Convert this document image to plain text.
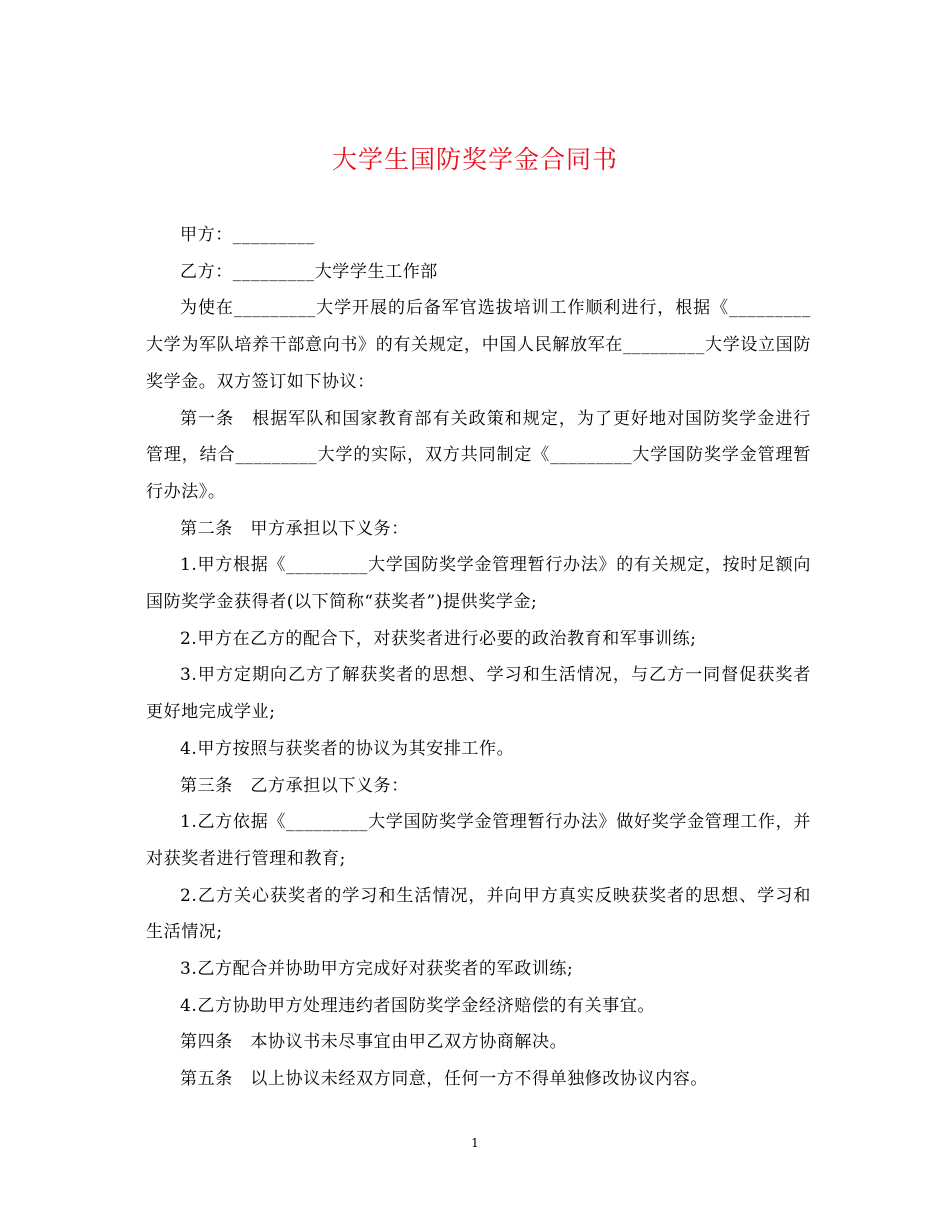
大学生国防奖学金合同书

甲方：_________

乙方：_________大学学生工作部

为使在_________大学开展的后备军官选拔培训工作顺利进行，根据《_________大学为军队培养干部意向书》的有关规定，中国人民解放军在_________大学设立国防奖学金。双方签订如下协议：

第一条　根据军队和国家教育部有关政策和规定，为了更好地对国防奖学金进行管理，结合_________大学的实际，双方共同制定《_________大学国防奖学金管理暂行办法》。

第二条　甲方承担以下义务：

1.甲方根据《_________大学国防奖学金管理暂行办法》的有关规定，按时足额向国防奖学金获得者(以下简称“获奖者”)提供奖学金;

2.甲方在乙方的配合下，对获奖者进行必要的政治教育和军事训练;

3.甲方定期向乙方了解获奖者的思想、学习和生活情况，与乙方一同督促获奖者更好地完成学业;

4.甲方按照与获奖者的协议为其安排工作。

第三条　乙方承担以下义务：

1.乙方依据《_________大学国防奖学金管理暂行办法》做好奖学金管理工作，并对获奖者进行管理和教育;

2.乙方关心获奖者的学习和生活情况，并向甲方真实反映获奖者的思想、学习和生活情况;

3.乙方配合并协助甲方完成好对获奖者的军政训练;

4.乙方协助甲方处理违约者国防奖学金经济赔偿的有关事宜。

第四条　本协议书未尽事宜由甲乙双方协商解决。

第五条　以上协议未经双方同意，任何一方不得单独修改协议内容。

1
